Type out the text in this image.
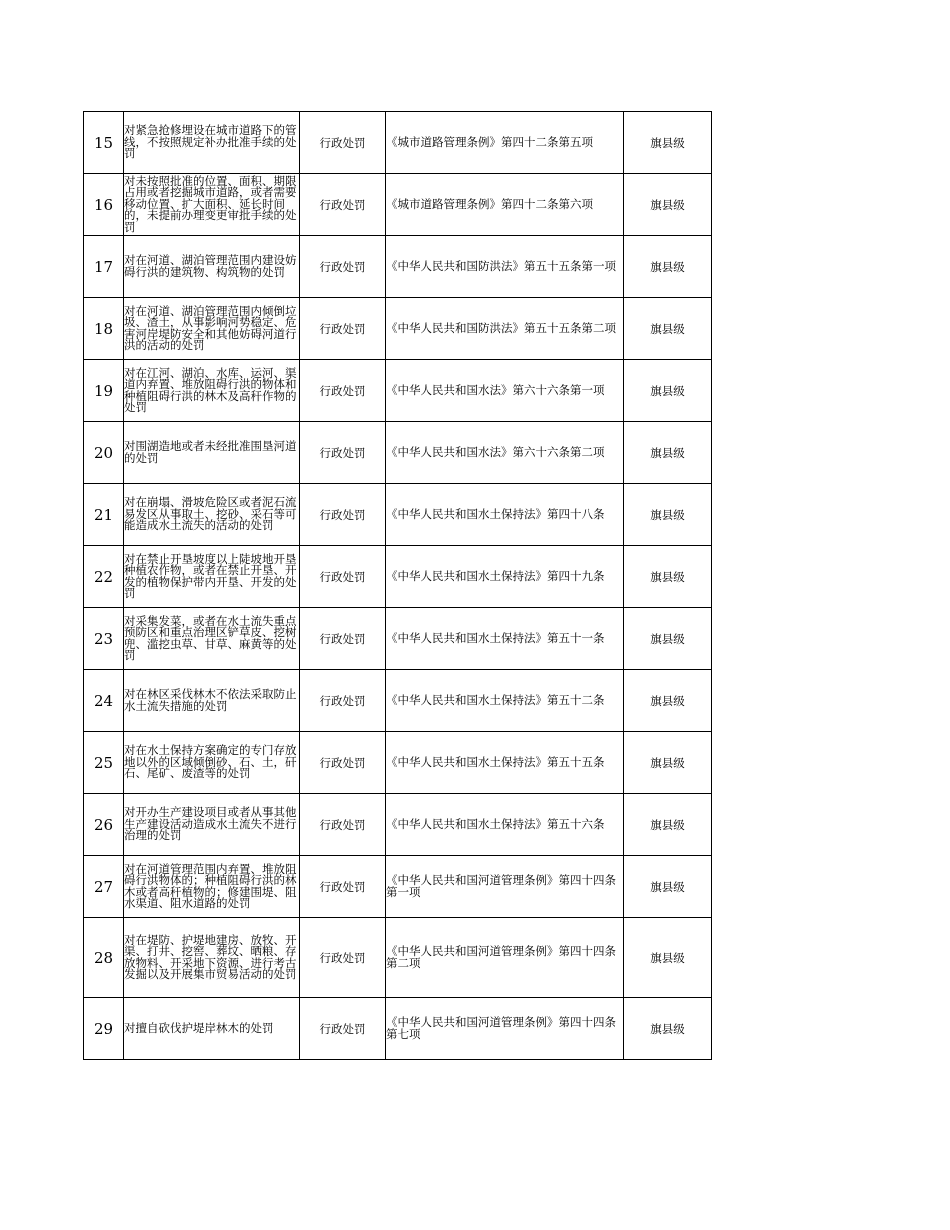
15	对紧急抢修埋设在城市道路下的管线，不按照规定补办批准手续的处罚	行政处罚	《城市道路管理条例》第四十二条第五项	旗县级
16	对未按照批准的位置、面积、期限占用或者挖掘城市道路，或者需要移动位置、扩大面积、延长时间的，未提前办理变更审批手续的处罚	行政处罚	《城市道路管理条例》第四十二条第六项	旗县级
17	对在河道、湖泊管理范围内建设妨碍行洪的建筑物、构筑物的处罚	行政处罚	《中华人民共和国防洪法》第五十五条第一项	旗县级
18	对在河道、湖泊管理范围内倾倒垃圾、渣土，从事影响河势稳定、危害河岸堤防安全和其他妨碍河道行洪的活动的处罚	行政处罚	《中华人民共和国防洪法》第五十五条第二项	旗县级
19	对在江河、湖泊、水库、运河、渠道内弃置、堆放阻碍行洪的物体和种植阻碍行洪的林木及高秆作物的处罚	行政处罚	《中华人民共和国水法》第六十六条第一项	旗县级
20	对围湖造地或者未经批准围垦河道的处罚	行政处罚	《中华人民共和国水法》第六十六条第二项	旗县级
21	对在崩塌、滑坡危险区或者泥石流易发区从事取土、挖砂、采石等可能造成水土流失的活动的处罚	行政处罚	《中华人民共和国水土保持法》第四十八条	旗县级
22	对在禁止开垦坡度以上陡坡地开垦种植农作物，或者在禁止开垦、开发的植物保护带内开垦、开发的处罚	行政处罚	《中华人民共和国水土保持法》第四十九条	旗县级
23	对采集发菜，或者在水土流失重点预防区和重点治理区铲草皮、挖树兜、滥挖虫草、甘草、麻黄等的处罚	行政处罚	《中华人民共和国水土保持法》第五十一条	旗县级
24	对在林区采伐林木不依法采取防止水土流失措施的处罚	行政处罚	《中华人民共和国水土保持法》第五十二条	旗县级
25	对在水土保持方案确定的专门存放地以外的区域倾倒砂、石、土，矸石、尾矿、废渣等的处罚	行政处罚	《中华人民共和国水土保持法》第五十五条	旗县级
26	对开办生产建设项目或者从事其他生产建设活动造成水土流失不进行治理的处罚	行政处罚	《中华人民共和国水土保持法》第五十六条	旗县级
27	对在河道管理范围内弃置、堆放阻碍行洪物体的；种植阻碍行洪的林木或者高秆植物的；修建围堤、阻水渠道、阻水道路的处罚	行政处罚	《中华人民共和国河道管理条例》第四十四条第一项	旗县级
28	对在堤防、护堤地建房、放牧、开渠、打井、挖窖、葬坟、晒粮、存放物料、开采地下资源、进行考古发掘以及开展集市贸易活动的处罚	行政处罚	《中华人民共和国河道管理条例》第四十四条第二项	旗县级
29	对擅自砍伐护堤岸林木的处罚	行政处罚	《中华人民共和国河道管理条例》第四十四条第七项	旗县级
